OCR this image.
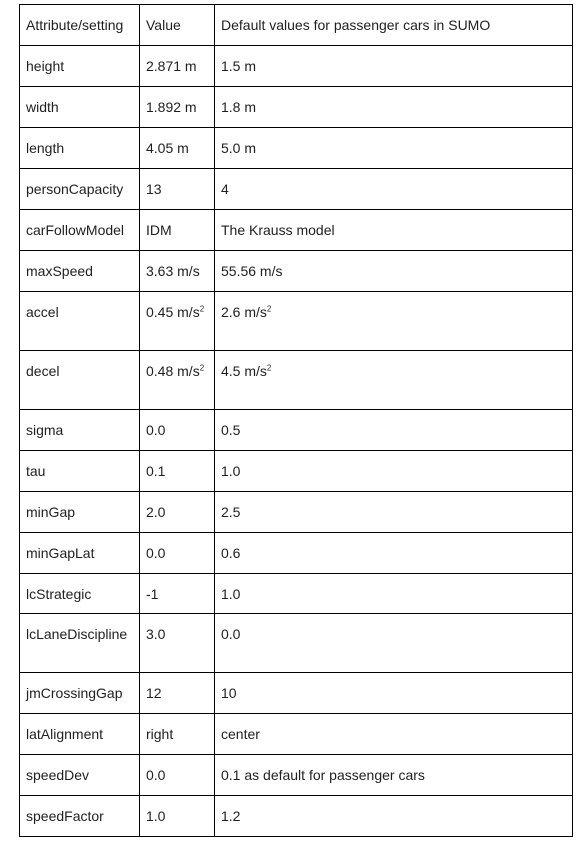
Attribute/setting	Value	Default values for passenger cars in SUMO
height	2.871 m	1.5 m
width	1.892 m	1.8 m
length	4.05 m	5.0 m
personCapacity	13	4
carFollowModel	IDM	The Krauss model
maxSpeed	3.63 m/s	55.56 m/s
accel	0.45 $m/s^2$	2.6 $m/s^2$
decel	0.48 $m/s^2$	4.5 $m/s^2$
sigma	0.0	0.5
tau	0.1	1.0
minGap	2.0	2.5
minGapLat	0.0	0.6
lcStrategic	-1	1.0
lcLaneDiscipline	3.0	0.0
jmCrossingGap	12	10
latAlignment	right	center
speedDev	0.0	0.1 as default for passenger cars
speedFactor	1.0	1.2
